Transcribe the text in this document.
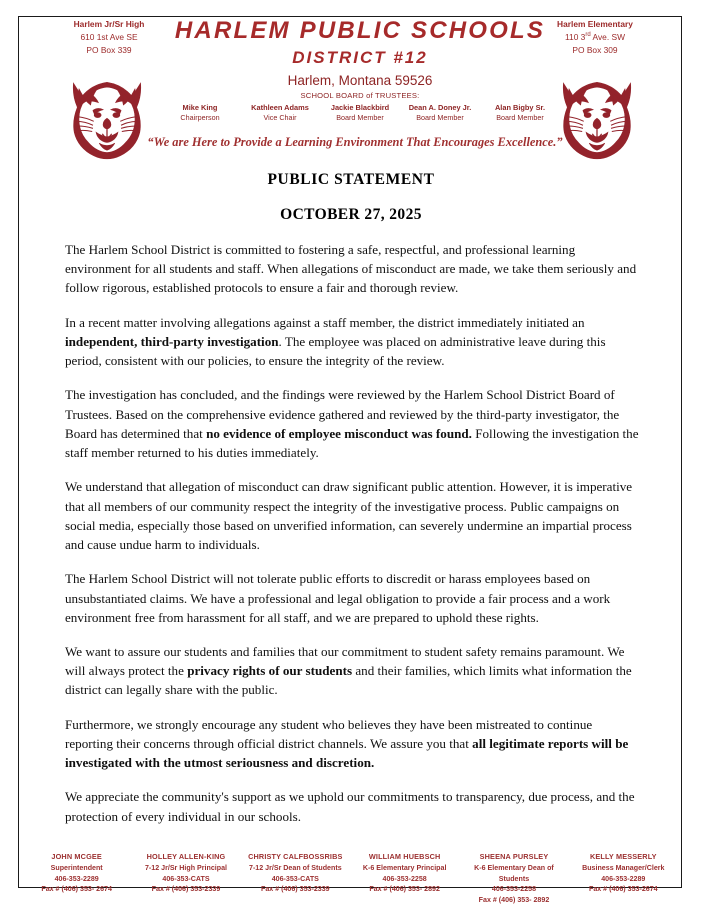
Harlem Jr/Sr High
610 1st Ave SE
PO Box 339
Harlem Elementary
110 3rd Ave. SW
PO Box 309
HARLEM PUBLIC SCHOOLS
DISTRICT #12
Harlem, Montana 59526
SCHOOL BOARD of TRUSTEES:
Mike King
Chairperson
Kathleen Adams
Vice Chair
Jackie Blackbird
Board Member
Dean A. Doney Jr.
Board Member
Alan Bigby Sr.
Board Member
“We are Here to Provide a Learning Environment That Encourages Excellence.”
PUBLIC STATEMENT
OCTOBER 27, 2025

The Harlem School District is committed to fostering a safe, respectful, and professional learning environment for all students and staff. When allegations of misconduct are made, we take them seriously and follow rigorous, established protocols to ensure a fair and thorough review.

In a recent matter involving allegations against a staff member, the district immediately initiated an independent, third-party investigation. The employee was placed on administrative leave during this period, consistent with our policies, to ensure the integrity of the review.

The investigation has concluded, and the findings were reviewed by the Harlem School District Board of Trustees. Based on the comprehensive evidence gathered and reviewed by the third-party investigator, the Board has determined that no evidence of employee misconduct was found. Following the investigation the staff member returned to his duties immediately.

We understand that allegation of misconduct can draw significant public attention. However, it is imperative that all members of our community respect the integrity of the investigative process. Public campaigns on social media, especially those based on unverified information, can severely undermine an impartial process and cause undue harm to individuals.

The Harlem School District will not tolerate public efforts to discredit or harass employees based on unsubstantiated claims. We have a professional and legal obligation to provide a fair process and a work environment free from harassment for all staff, and we are prepared to uphold these rights.

We want to assure our students and families that our commitment to student safety remains paramount. We will always protect the privacy rights of our students and their families, which limits what information the district can legally share with the public.

Furthermore, we strongly encourage any student who believes they have been mistreated to continue reporting their concerns through official district channels. We assure you that all legitimate reports will be investigated with the utmost seriousness and discretion.

We appreciate the community's support as we uphold our commitments to transparency, due process, and the protection of every individual in our schools.

JOHN MCGEE
Superintendent
406-353-2289
Fax # (406) 353- 2674
HOLLEY ALLEN-KING
7-12 Jr/Sr High Principal
406-353-CATS
Fax # (406) 353-2339
CHRISTY CALFBOSSRIBS
7-12 Jr/Sr Dean of Students
406-353-CATS
Fax # (406) 353-2339
WILLIAM HUEBSCH
K-6 Elementary Principal
406-353-2258
Fax # (406) 353- 2892
SHEENA PURSLEY
K-6 Elementary Dean of Students
406-353-2258
Fax # (406) 353- 2892
KELLY MESSERLY
Business Manager/Clerk
406-353-2289
Fax # (406) 353-2674
